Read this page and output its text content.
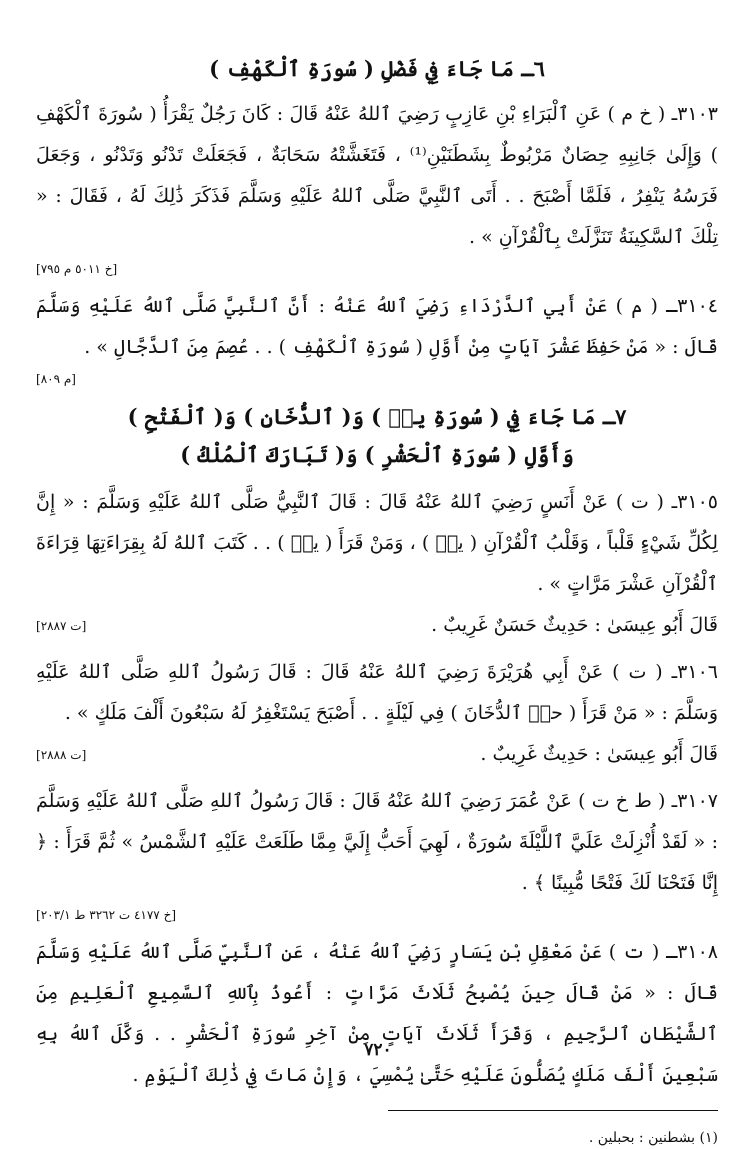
٦ـ مَا جَاءَ فِي فَضْلِ ( سُورَةِ ٱلْكَهْفِ )

٣١٠٣ـ ( خ م ) عَنِ ٱلْبَرَاءِ بْنِ عَازِبٍ رَضِيَ ٱللهُ عَنْهُ قَالَ : كَانَ رَجُلٌ يَقْرَأُ ( سُورَةَ ٱلْكَهْفِ ) وَإِلَىٰ جَانِبِهِ حِصَانٌ مَرْبُوطٌ بِشَطَنَيْنِ⁽¹⁾ ، فَتَغَشَّتْهُ سَحَابَةٌ ، فَجَعَلَتْ تَدْنُو وَتَدْنُو ، وَجَعَلَ فَرَسُهُ يَنْفِرُ ، فَلَمَّا أَصْبَحَ . . أَتَى ٱلنَّبِيَّ صَلَّى ٱللهُ عَلَيْهِ وَسَلَّمَ فَذَكَرَ ذَٰلِكَ لَهُ ، فَقَالَ : « تِلْكَ ٱلسَّكِينَةُ تَنَزَّلَتْ بِٱلْقُرْآنِ » .

[خ ٥٠١١ م ٧٩٥]

٣١٠٤ـ ( م ) عَنْ أَبِي ٱلدَّرْدَاءِ رَضِيَ ٱللهُ عَنْهُ : أَنَّ ٱلنَّبِيَّ صَلَّى ٱللهُ عَلَيْهِ وَسَلَّمَ قَالَ : « مَنْ حَفِظَ عَشْرَ آيَاتٍ مِنْ أَوَّلِ ( سُورَةِ ٱلْكَهْفِ ) . . عُصِمَ مِنَ ٱلدَّجَّالِ » .

[م ٨٠٩]
٧ـ مَا جَاءَ فِي ( سُورَةِ يسۤ ) وَ( ٱلدُّخَانِ ) وَ( ٱلْفَتْحِ )
وَأَوَّلِ ( سُورَةِ ٱلْحَشْرِ ) وَ( تَبَارَكَ ٱلْمُلْكُ )

٣١٠٥ـ ( ت ) عَنْ أَنَسٍ رَضِيَ ٱللهُ عَنْهُ قَالَ : قَالَ ٱلنَّبِيُّ صَلَّى ٱللهُ عَلَيْهِ وَسَلَّمَ : « إِنَّ لِكُلِّ شَيْءٍ قَلْباً ، وَقَلْبُ ٱلْقُرْآنِ ( يسۤ ) ، وَمَنْ قَرَأَ ( يسۤ ) . . كَتَبَ ٱللهُ لَهُ بِقِرَاءَتِهَا قِرَاءَةَ ٱلْقُرْآنِ عَشْرَ مَرَّاتٍ » .

قَالَ أَبُو عِيسَىٰ : حَدِيثٌ حَسَنٌ غَرِيبٌ .

[ت ٢٨٨٧]

٣١٠٦ـ ( ت ) عَنْ أَبِي هُرَيْرَةَ رَضِيَ ٱللهُ عَنْهُ قَالَ : قَالَ رَسُولُ ٱللهِ صَلَّى ٱللهُ عَلَيْهِ وَسَلَّمَ : « مَنْ قَرَأَ ( حمۤ ٱلدُّخَانَ ) فِي لَيْلَةٍ . . أَصْبَحَ يَسْتَغْفِرُ لَهُ سَبْعُونَ أَلْفَ مَلَكٍ » .

قَالَ أَبُو عِيسَىٰ : حَدِيثٌ غَرِيبٌ .

[ت ٢٨٨٨]

٣١٠٧ـ ( ط خ ت ) عَنْ عُمَرَ رَضِيَ ٱللهُ عَنْهُ قَالَ : قَالَ رَسُولُ ٱللهِ صَلَّى ٱللهُ عَلَيْهِ وَسَلَّمَ : « لَقَدْ أُنْزِلَتْ عَلَيَّ ٱللَّيْلَةَ سُورَةٌ ، لَهِيَ أَحَبُّ إِلَيَّ مِمَّا طَلَعَتْ عَلَيْهِ ٱلشَّمْسُ » ثُمَّ قَرَأَ : ﴿ إِنَّا فَتَحْنَا لَكَ فَتْحًا مُّبِينًا ﴾ .

[خ ٤١٧٧ ت ٣٢٦٢ ط ٢٠٣/١]

٣١٠٨ـ ( ت ) عَنْ مَعْقِلِ بْنِ يَسَارٍ رَضِيَ ٱللهُ عَنْهُ ، عَنِ ٱلنَّبِيِّ صَلَّى ٱللهُ عَلَيْهِ وَسَلَّمَ قَالَ : « مَنْ قَالَ حِينَ يُصْبِحُ ثَلَاثَ مَرَّاتٍ : أَعُوذُ بِٱللهِ ٱلسَّمِيعِ ٱلْعَلِيمِ مِنَ ٱلشَّيْطَانِ ٱلرَّجِيمِ ، وَقَرَأَ ثَلَاثَ آيَاتٍ مِنْ آخِرِ سُورَةِ ٱلْحَشْرِ . . وَكَّلَ ٱللهُ بِهِ سَبْعِينَ أَلْفَ مَلَكٍ يُصَلُّونَ عَلَيْهِ حَتَّىٰ يُمْسِيَ ، وَإِنْ مَاتَ فِي ذَٰلِكَ ٱلْيَوْمِ .

(١) بشطنين : بحبلين .

٧٢٠
